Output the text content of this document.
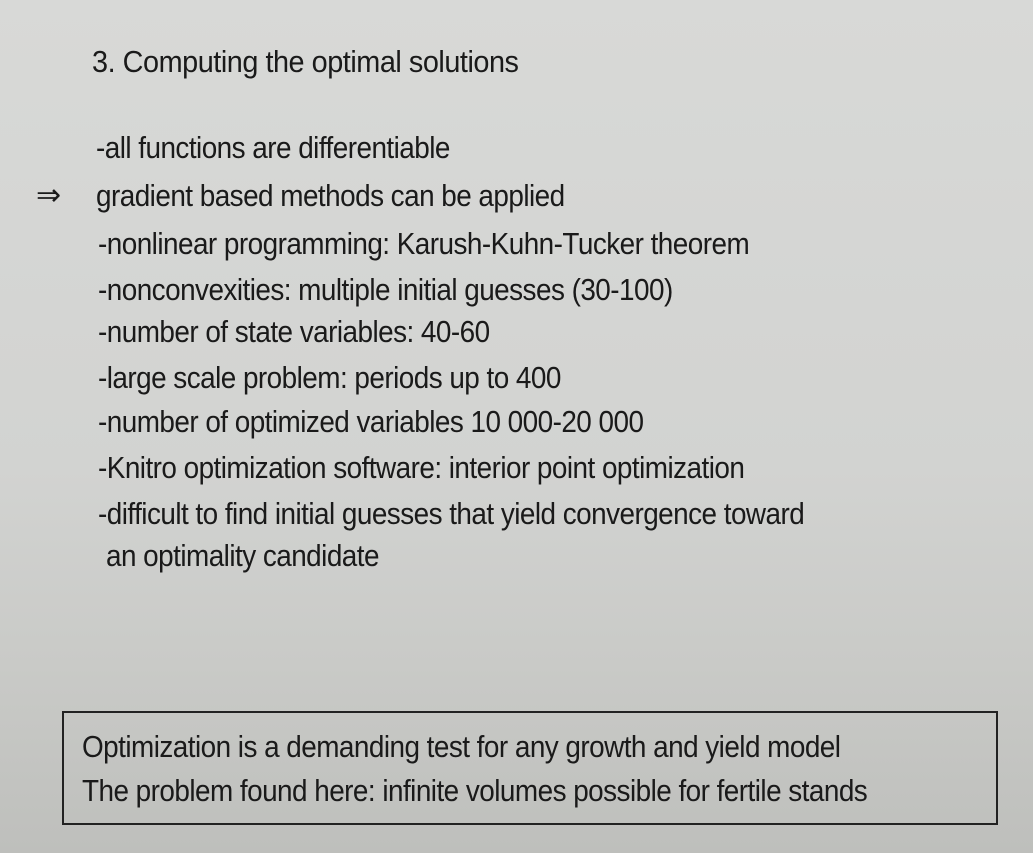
3. Computing the optimal solutions
⇒
-all functions are differentiable
gradient based methods can be applied
-nonlinear programming: Karush-Kuhn-Tucker theorem
-nonconvexities: multiple initial guesses (30-100)
-number of state variables: 40-60
-large scale problem: periods up to 400
-number of optimized variables 10 000-20 000
-Knitro optimization software: interior point optimization
-difficult to find initial guesses that yield convergence toward
an optimality candidate
Optimization is a demanding test for any growth and yield model
The problem found here: infinite volumes possible for fertile stands
